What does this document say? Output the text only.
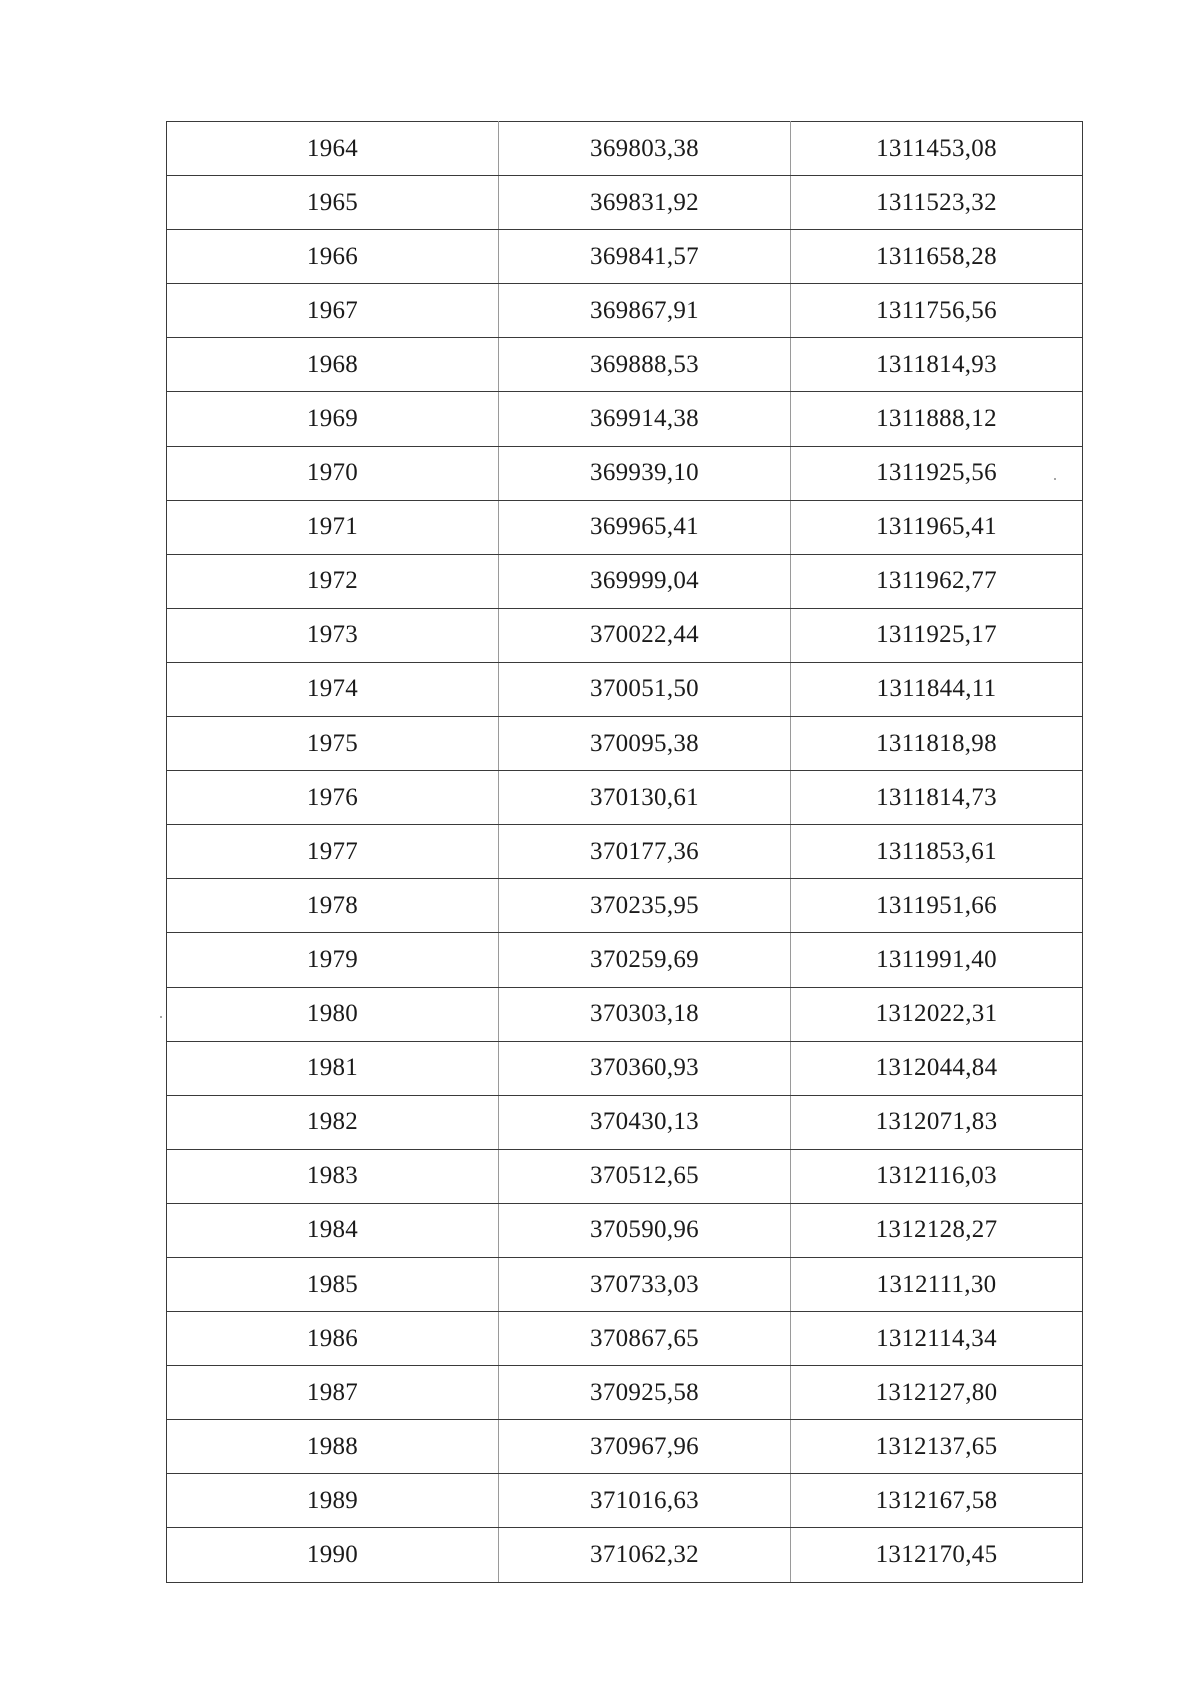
1964	369803,38	1311453,08
1965	369831,92	1311523,32
1966	369841,57	1311658,28
1967	369867,91	1311756,56
1968	369888,53	1311814,93
1969	369914,38	1311888,12
1970	369939,10	1311925,56
1971	369965,41	1311965,41
1972	369999,04	1311962,77
1973	370022,44	1311925,17
1974	370051,50	1311844,11
1975	370095,38	1311818,98
1976	370130,61	1311814,73
1977	370177,36	1311853,61
1978	370235,95	1311951,66
1979	370259,69	1311991,40
1980	370303,18	1312022,31
1981	370360,93	1312044,84
1982	370430,13	1312071,83
1983	370512,65	1312116,03
1984	370590,96	1312128,27
1985	370733,03	1312111,30
1986	370867,65	1312114,34
1987	370925,58	1312127,80
1988	370967,96	1312137,65
1989	371016,63	1312167,58
1990	371062,32	1312170,45
